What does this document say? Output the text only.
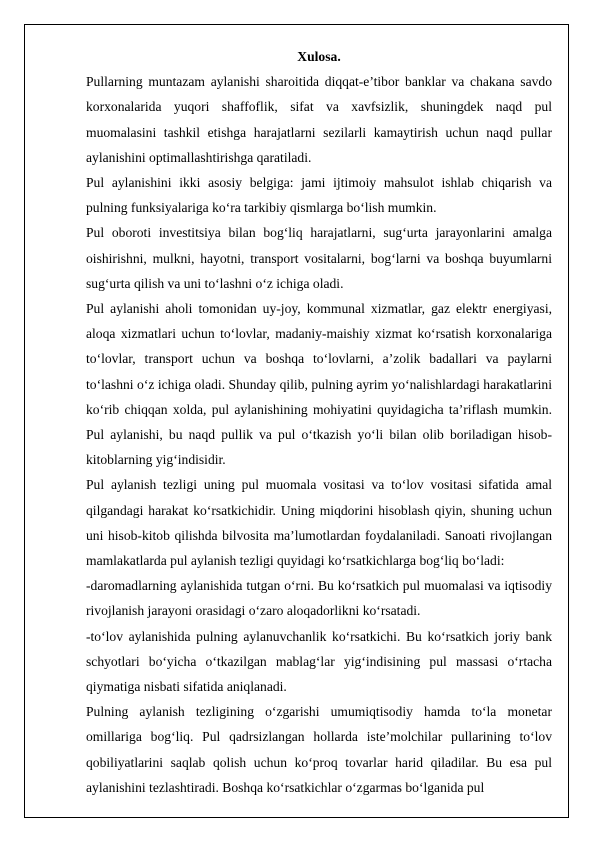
Xulosa.

Pullarning muntazam aylanishi sharoitida diqqat-e’tibor banklar va chakana savdo korxonalarida yuqori shaffoflik, sifat va xavfsizlik, shuningdek naqd pul muomalasini tashkil etishga harajatlarni sezilarli kamaytirish uchun naqd pullar aylanishini optimallashtirishga qaratiladi.

Pul aylanishini ikki asosiy belgiga: jami ijtimoiy mahsulot ishlab chiqarish va pulning funksiyalariga ko‘ra tarkibiy qismlarga bo‘lish mumkin.

Pul oboroti investitsiya bilan bog‘liq harajatlarni, sug‘urta jarayonlarini amalga oishirishni, mulkni, hayotni, transport vositalarni, bog‘larni va boshqa buyumlarni sug‘urta qilish va uni to‘lashni o‘z ichiga oladi.

Pul aylanishi aholi tomonidan uy-joy, kommunal xizmatlar, gaz elektr energiyasi, aloqa xizmatlari uchun to‘lovlar, madaniy-maishiy xizmat ko‘rsatish korxonalariga to‘lovlar, transport uchun va boshqa to‘lovlarni, a’zolik badallari va paylarni to‘lashni o‘z ichiga oladi. Shunday qilib, pulning ayrim yo‘nalishlardagi harakatlarini ko‘rib chiqqan xolda, pul aylanishining mohiyatini quyidagicha ta’riflash mumkin. Pul aylanishi, bu naqd pullik va pul o‘tkazish yo‘li bilan olib boriladigan hisob-kitoblarning yig‘indisidir.

Pul aylanish tezligi uning pul muomala vositasi va to‘lov vositasi sifatida amal qilgandagi harakat ko‘rsatkichidir. Uning miqdorini hisoblash qiyin, shuning uchun uni hisob-kitob qilishda bilvosita ma’lumotlardan foydalaniladi. Sanoati rivojlangan mamlakatlarda pul aylanish tezligi quyidagi ko‘rsatkichlarga bog‘liq bo‘ladi:

-daromadlarning aylanishida tutgan o‘rni. Bu ko‘rsatkich pul muomalasi va iqtisodiy rivojlanish jarayoni orasidagi o‘zaro aloqadorlikni ko‘rsatadi.

-to‘lov aylanishida pulning aylanuvchanlik ko‘rsatkichi. Bu ko‘rsatkich joriy bank schyotlari bo‘yicha o‘tkazilgan mablag‘lar yig‘indisining pul massasi o‘rtacha qiymatiga nisbati sifatida aniqlanadi.

Pulning aylanish tezligining o‘zgarishi umumiqtisodiy hamda to‘la monetar omillariga bog‘liq. Pul qadrsizlangan hollarda iste’molchilar pullarining to‘lov qobiliyatlarini saqlab qolish uchun ko‘proq tovarlar harid qiladilar. Bu esa pul aylanishini tezlashtiradi. Boshqa ko‘rsatkichlar o‘zgarmas bo‘lganida pul
